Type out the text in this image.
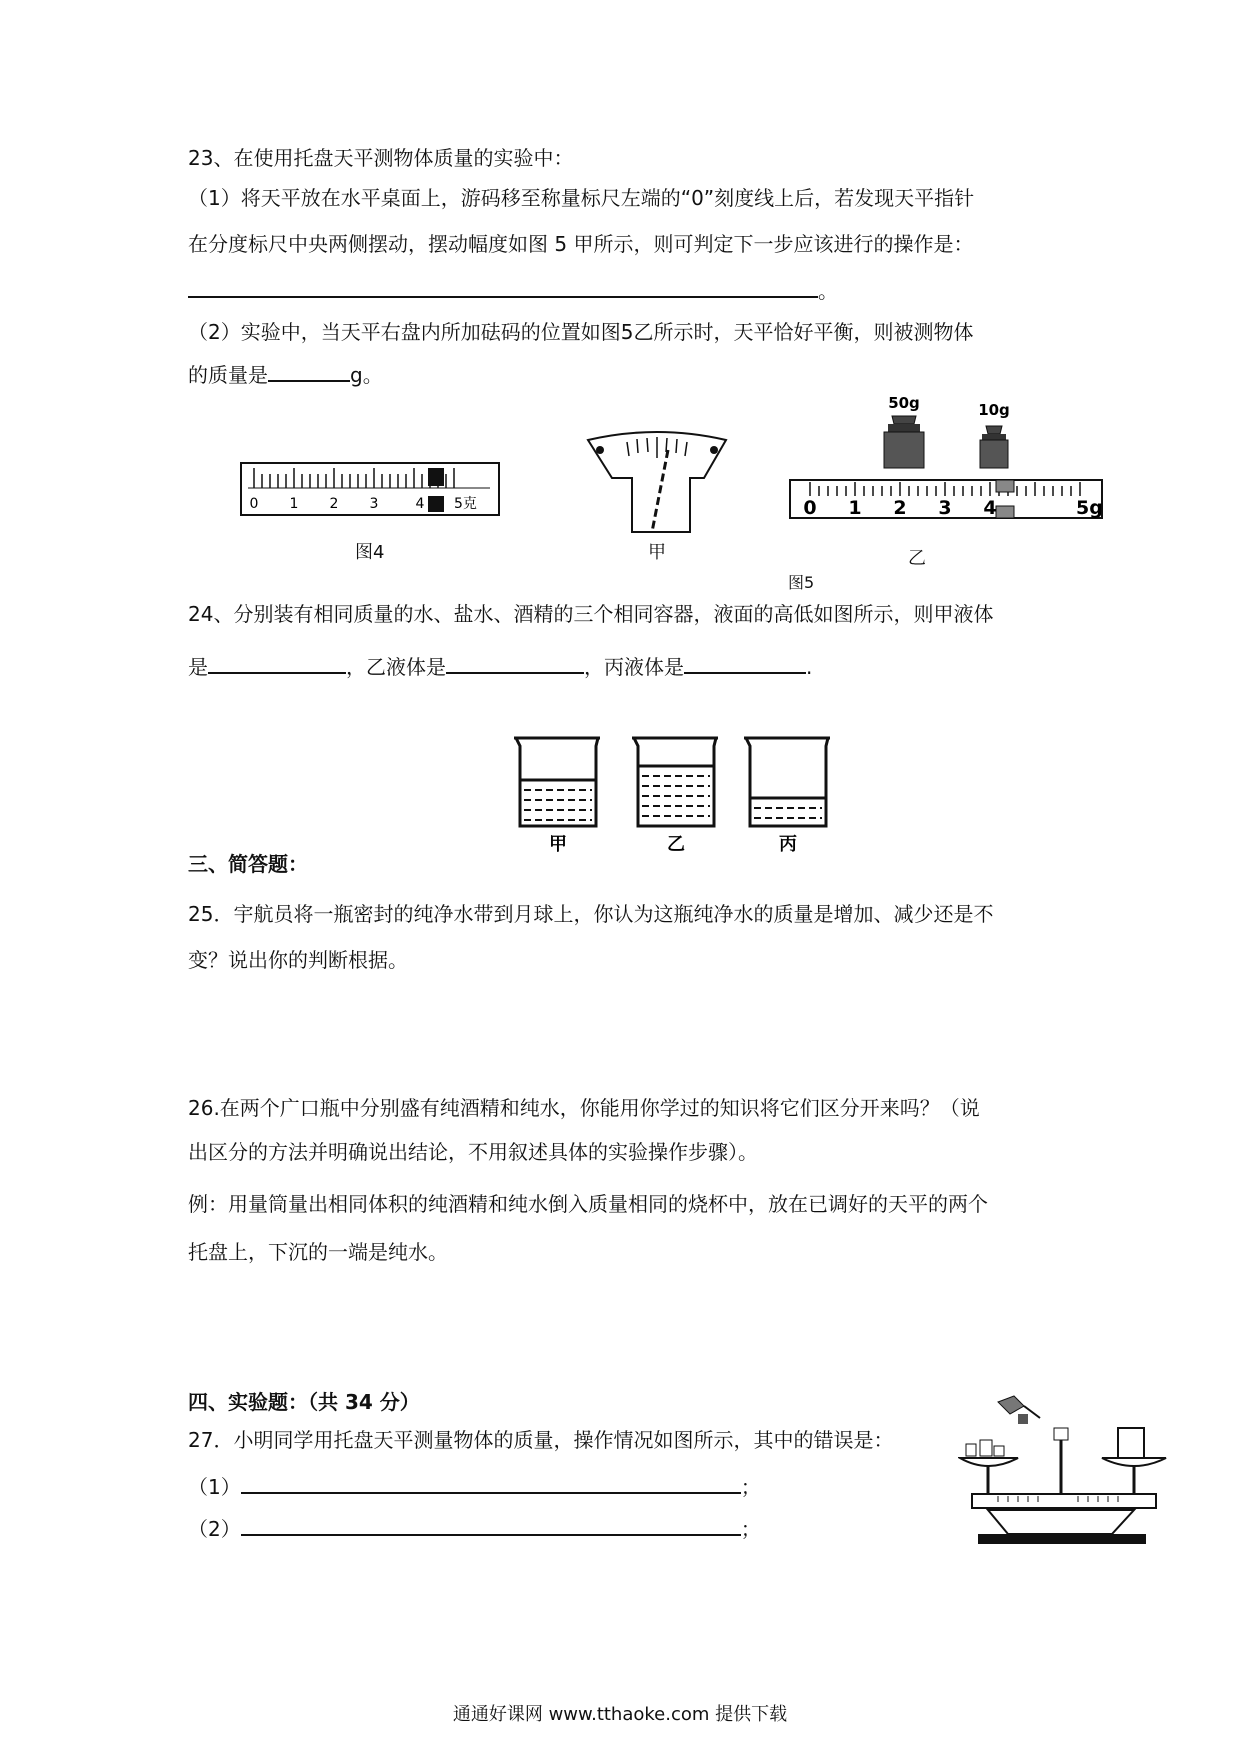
23、在使用托盘天平测物体质量的实验中：
（1）将天平放在水平桌面上，游码移至称量标尺左端的“0”刻度线上后，若发现天平指针
在分度标尺中央两侧摆动，摆动幅度如图 5 甲所示，则可判定下一步应该进行的操作是：
。
（2）实验中，当天平右盘内所加砝码的位置如图5乙所示时，天平恰好平衡，则被测物体
的质量是	g。
0 1 2 3	4 5克
图4	甲
50g	10g
0 1 2 3 4	5g
乙
图5
24、分别装有相同质量的水、盐水、酒精的三个相同容器，液面的高低如图所示，则甲液体
是	，乙液体是	，丙液体是	.
甲	乙	丙
三、简答题：
25．宇航员将一瓶密封的纯净水带到月球上，你认为这瓶纯净水的质量是增加、减少还是不
变？说出你的判断根据。
26.在两个广口瓶中分别盛有纯酒精和纯水，你能用你学过的知识将它们区分开来吗？（说
出区分的方法并明确说出结论，不用叙述具体的实验操作步骤）。
例：用量筒量出相同体积的纯酒精和纯水倒入质量相同的烧杯中，放在已调好的天平的两个
托盘上，下沉的一端是纯水。
四、实验题：（共 34 分）
27．小明同学用托盘天平测量物体的质量，操作情况如图所示，其中的错误是：
（1）	；
（2）	；
通通好课网 www.tthaoke.com 提供下载
